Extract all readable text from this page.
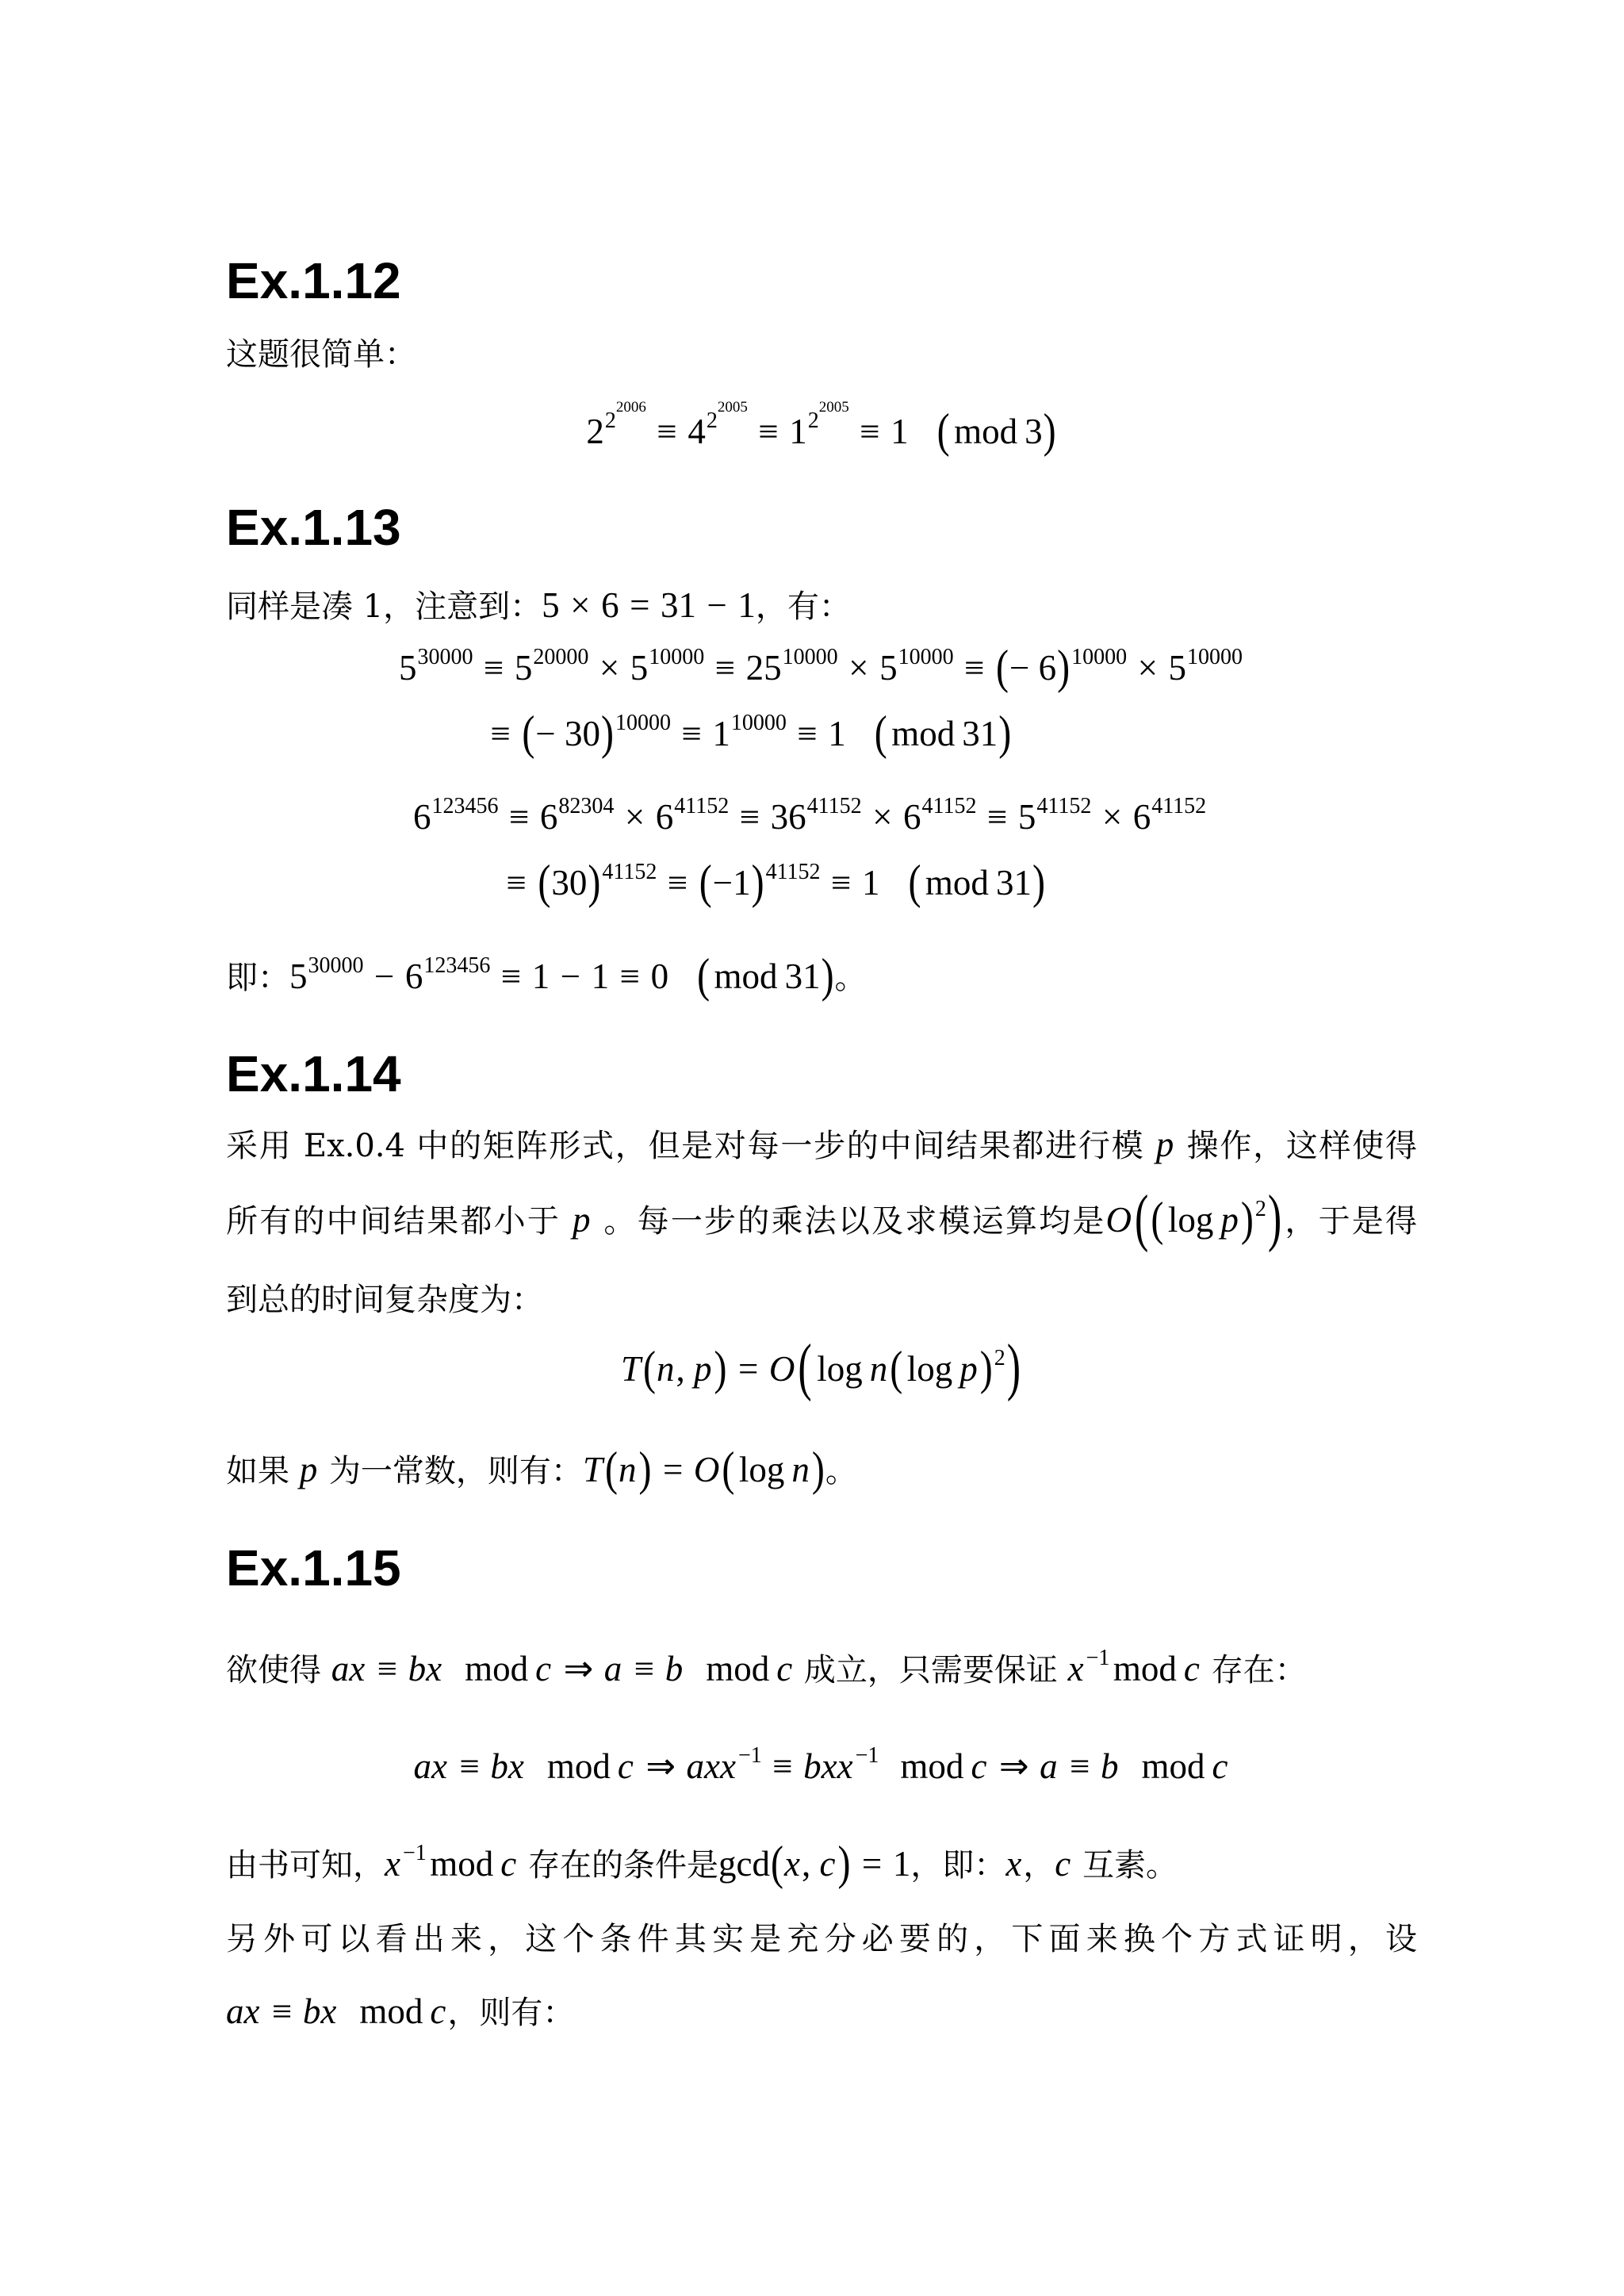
Ex.1.12
这题很简单：
$2^{22006}\equiv 4^{22005}\equiv 1^{22005}\equiv 1$ ( mod 3)
Ex.1.13
同样是凑 1，注意到：5 × 6 = 31 − 1，有：
$5^{30000} \equiv 5^{20000} \times 5^{10000} \equiv 25^{10000} \times 5^{10000}$ ≡ (− $6)^{10000} \times 5^{10000}$
≡ (− $30)^{10000} \equiv 1^{10000} \equiv 1$ ( mod 31)
$6^{123456} \equiv 6^{82304} \times 6^{41152} \equiv 36^{41152} \times 6^{41152} \equiv 5^{41152} \times 6^{41152}$
≡ $(30)^{41152} \equiv (-1)^{41152} \equiv 1$ ( mod 31)
即：$5^{30000} - 6^{123456} \equiv 1 - 1 \equiv 0$ ( mod 31)。
Ex.1.14
采用 Ex.0.4 中的矩阵形式，但是对每一步的中间结果都进行模 p 操作，这样使得
所有的中间结果都小于 p 。每一步的乘法以及求模运算均是O(( log p)$^2$)，于是得
到总的时间复杂度为：
T(n, p) = O( log n( log p)$^2$)
如果 p 为一常数，则有：T(n) = O( log n)。
Ex.1.15
欲使得 ax ≡ bx mod c ⇒ a ≡ b mod c 成立，只需要保证 x $^{-1}$ mod c 存在：
ax ≡ bx mod c ⇒ axx $^{-1}$ ≡ bxx $^{-1}$ mod c ⇒ a ≡ b mod c
由书可知，x $^{-1}$ mod c 存在的条件是gcd(x, c) = 1，即：x，c 互素。
另外可以看出来，这个条件其实是充分必要的，下面来换个方式证明，设
ax ≡ bx mod c，则有：
